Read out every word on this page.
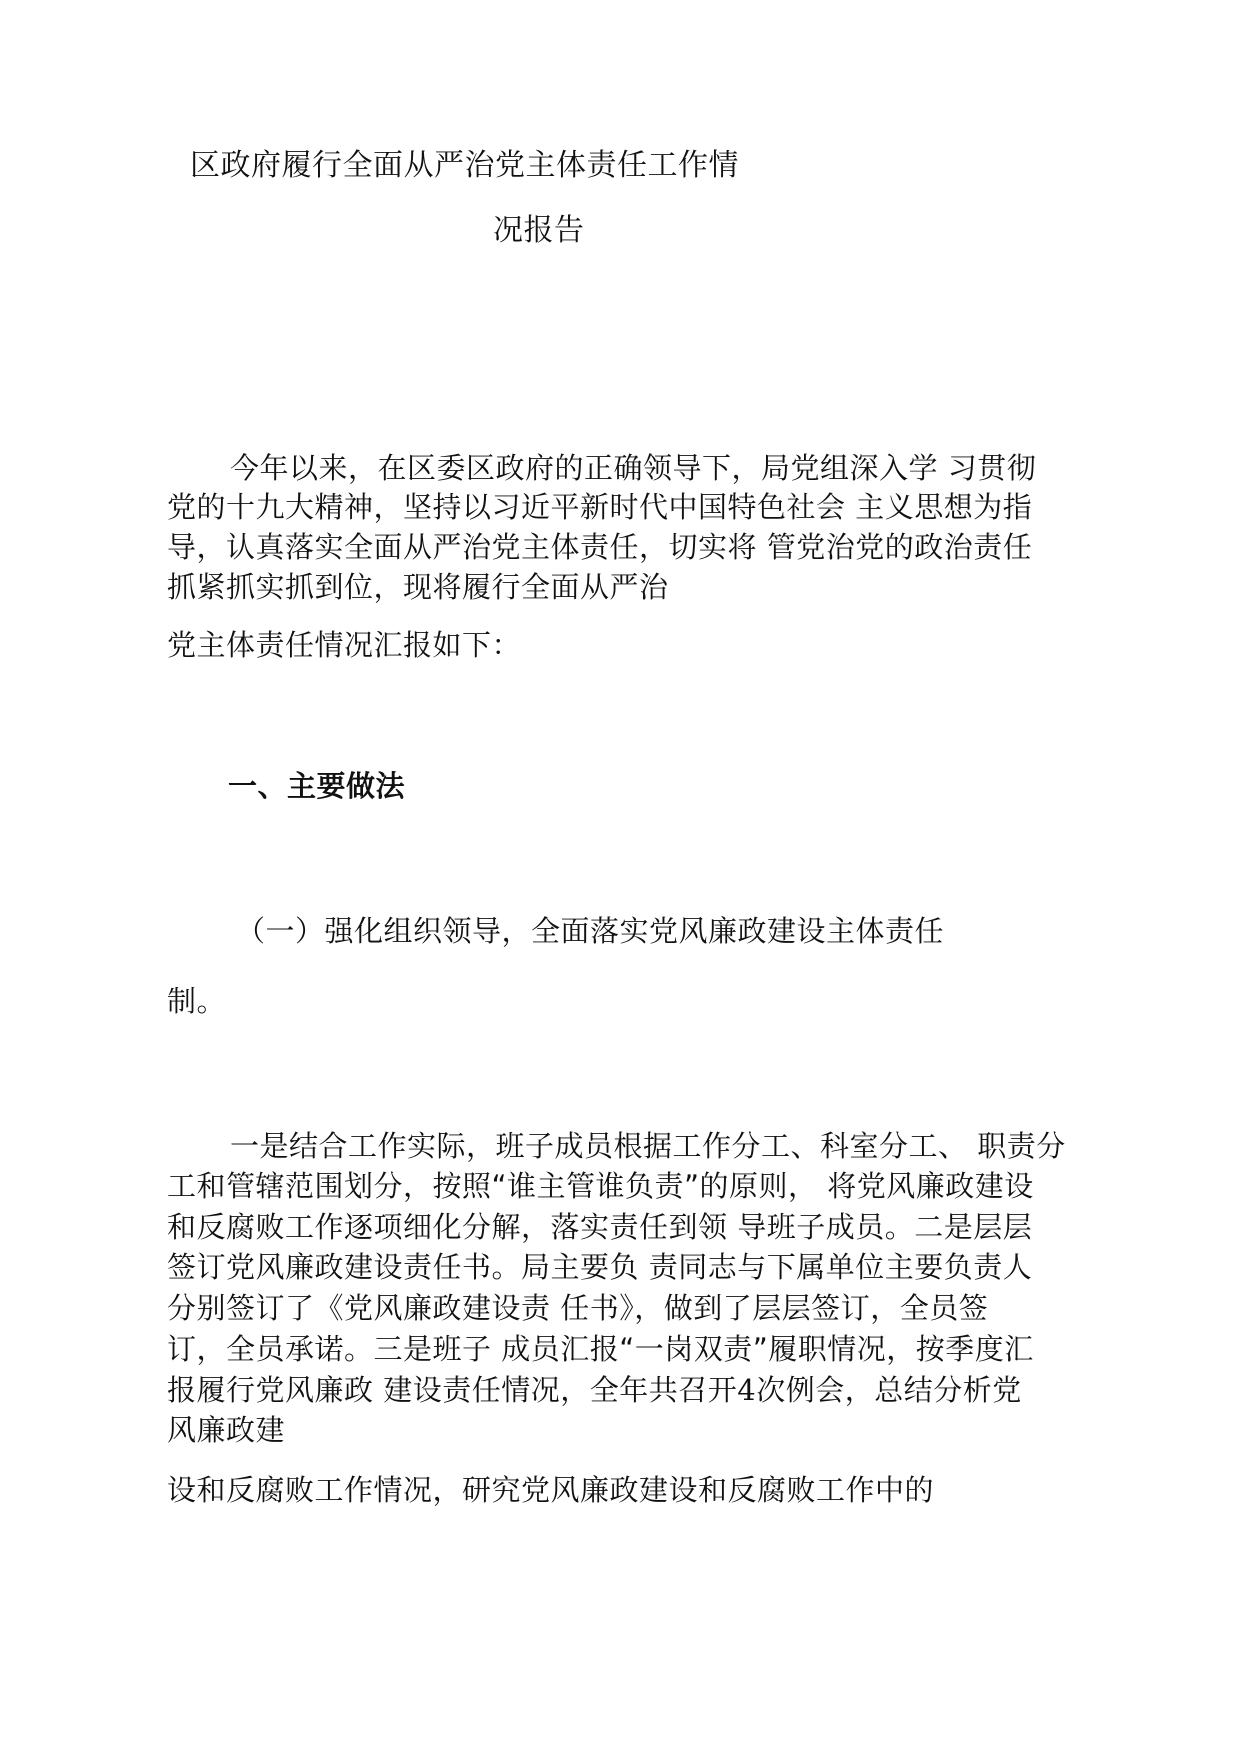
区政府履行全面从严治党主体责任工作情
况报告
今年以来，在区委区政府的正确领导下，局党组深入学 习贯彻
党的十九大精神，坚持以习近平新时代中国特色社会 主义思想为指
导，认真落实全面从严治党主体责任，切实将 管党治党的政治责任
抓紧抓实抓到位，现将履行全面从严治
党主体责任情况汇报如下：
一、主要做法
（一）强化组织领导，全面落实党风廉政建设主体责任
制。
一是结合工作实际，班子成员根据工作分工、科室分工、 职责分
工和管辖范围划分，按照“谁主管谁负责”的原则， 将党风廉政建设
和反腐败工作逐项细化分解，落实责任到领 导班子成员。二是层层
签订党风廉政建设责任书。局主要负 责同志与下属单位主要负责人
分别签订了《党风廉政建设责 任书》，做到了层层签订，全员签
订，全员承诺。三是班子 成员汇报“一岗双责”履职情况，按季度汇
报履行党风廉政 建设责任情况，全年共召开4次例会，总结分析党
风廉政建
设和反腐败工作情况，研究党风廉政建设和反腐败工作中的
